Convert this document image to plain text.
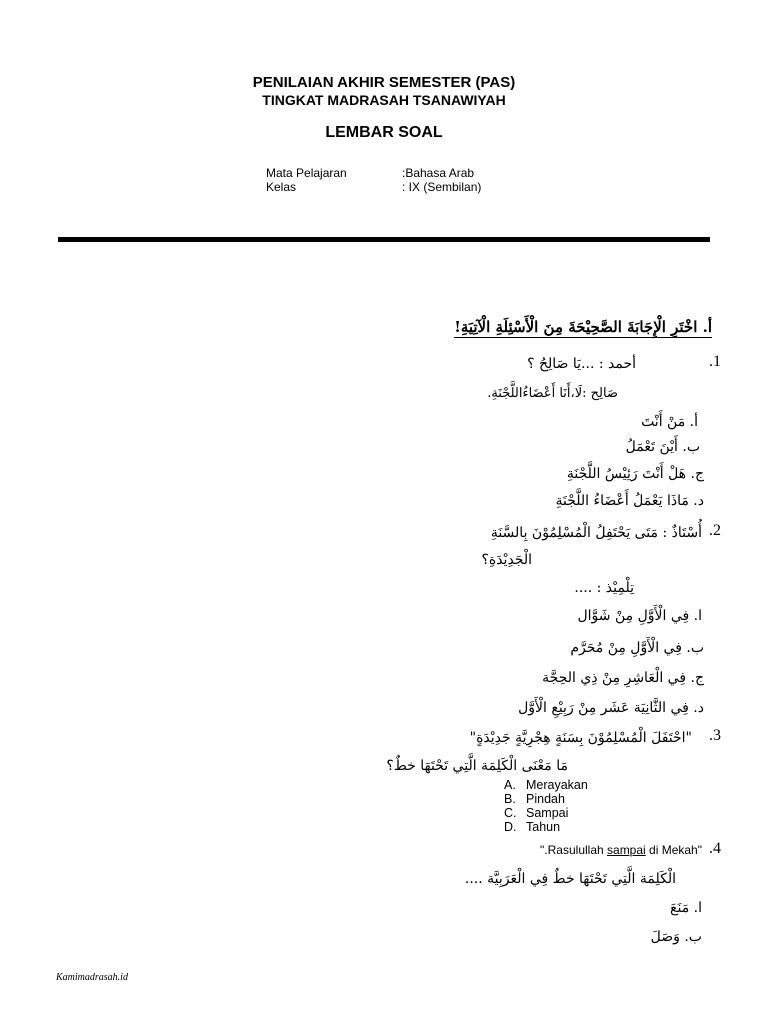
PENILAIAN AKHIR SEMESTER (PAS)
TINGKAT MADRASAH TSANAWIYAH
LEMBAR SOAL
Mata Pelajaran	:Bahasa Arab
Kelas	: IX (Sembilan)
أ. اخْتَرِ الْإِجَابَةَ الصَّحِيْحَةَ مِنَ الْأَسْئِلَةِ الْآتِيَةِ!
.1
أحمد : ...يَا صَالِحُ ؟
صَالِح :لَا،أَنَا أَعْضَاءُاللَّجْنَةِ.
أ. مَنْ أَنْتَ
ب. أَيْنَ تَعْمَلُ
ج. هَلْ أَنْتَ رَئِيْسُ اللَّجْنَةِ
د. مَاذَا يَعْمَلُ أَعْضَاءُ اللَّجْنَةِ
.2
أُسْتَاذٌ : مَتَى يَحْتَفِلُ الْمُسْلِمُوْنَ بِالسَّنَةِ
الْجَدِيْدَةِ؟
تِلْمِيْذ : ....
ا. فِي الْأَوَّلِ مِنْ شَوَّال
ب. فِي الْأَوَّلِ مِنْ مُحَرَّم
ج. فِي الْعَاشِرِ مِنْ ذِي الحِجَّة
د. فِي الثَّانِيَة عَشَر مِنْ رَبِيْعِ الْأَوَّل
.3
"احْتَفَلَ الْمُسْلِمُوْنَ بِسَنَةٍ هِجْرِيَّةٍ جَدِيْدَةٍ"
مَا مَعْنَى الْكَلِمَة الَّتِي تَحْتَهَا خطٌ؟
A. Merayakan
B. Pindah
C. Sampai
D. Tahun
.4
".Rasulullah sampai di Mekah"
الْكَلِمَة الَّتِي تَحْتَهَا خطٌ فِي الْعَرَبِيَّة ....
ا. مَنَعَ
ب. وَصَلَ
Kamimadrasah.id
